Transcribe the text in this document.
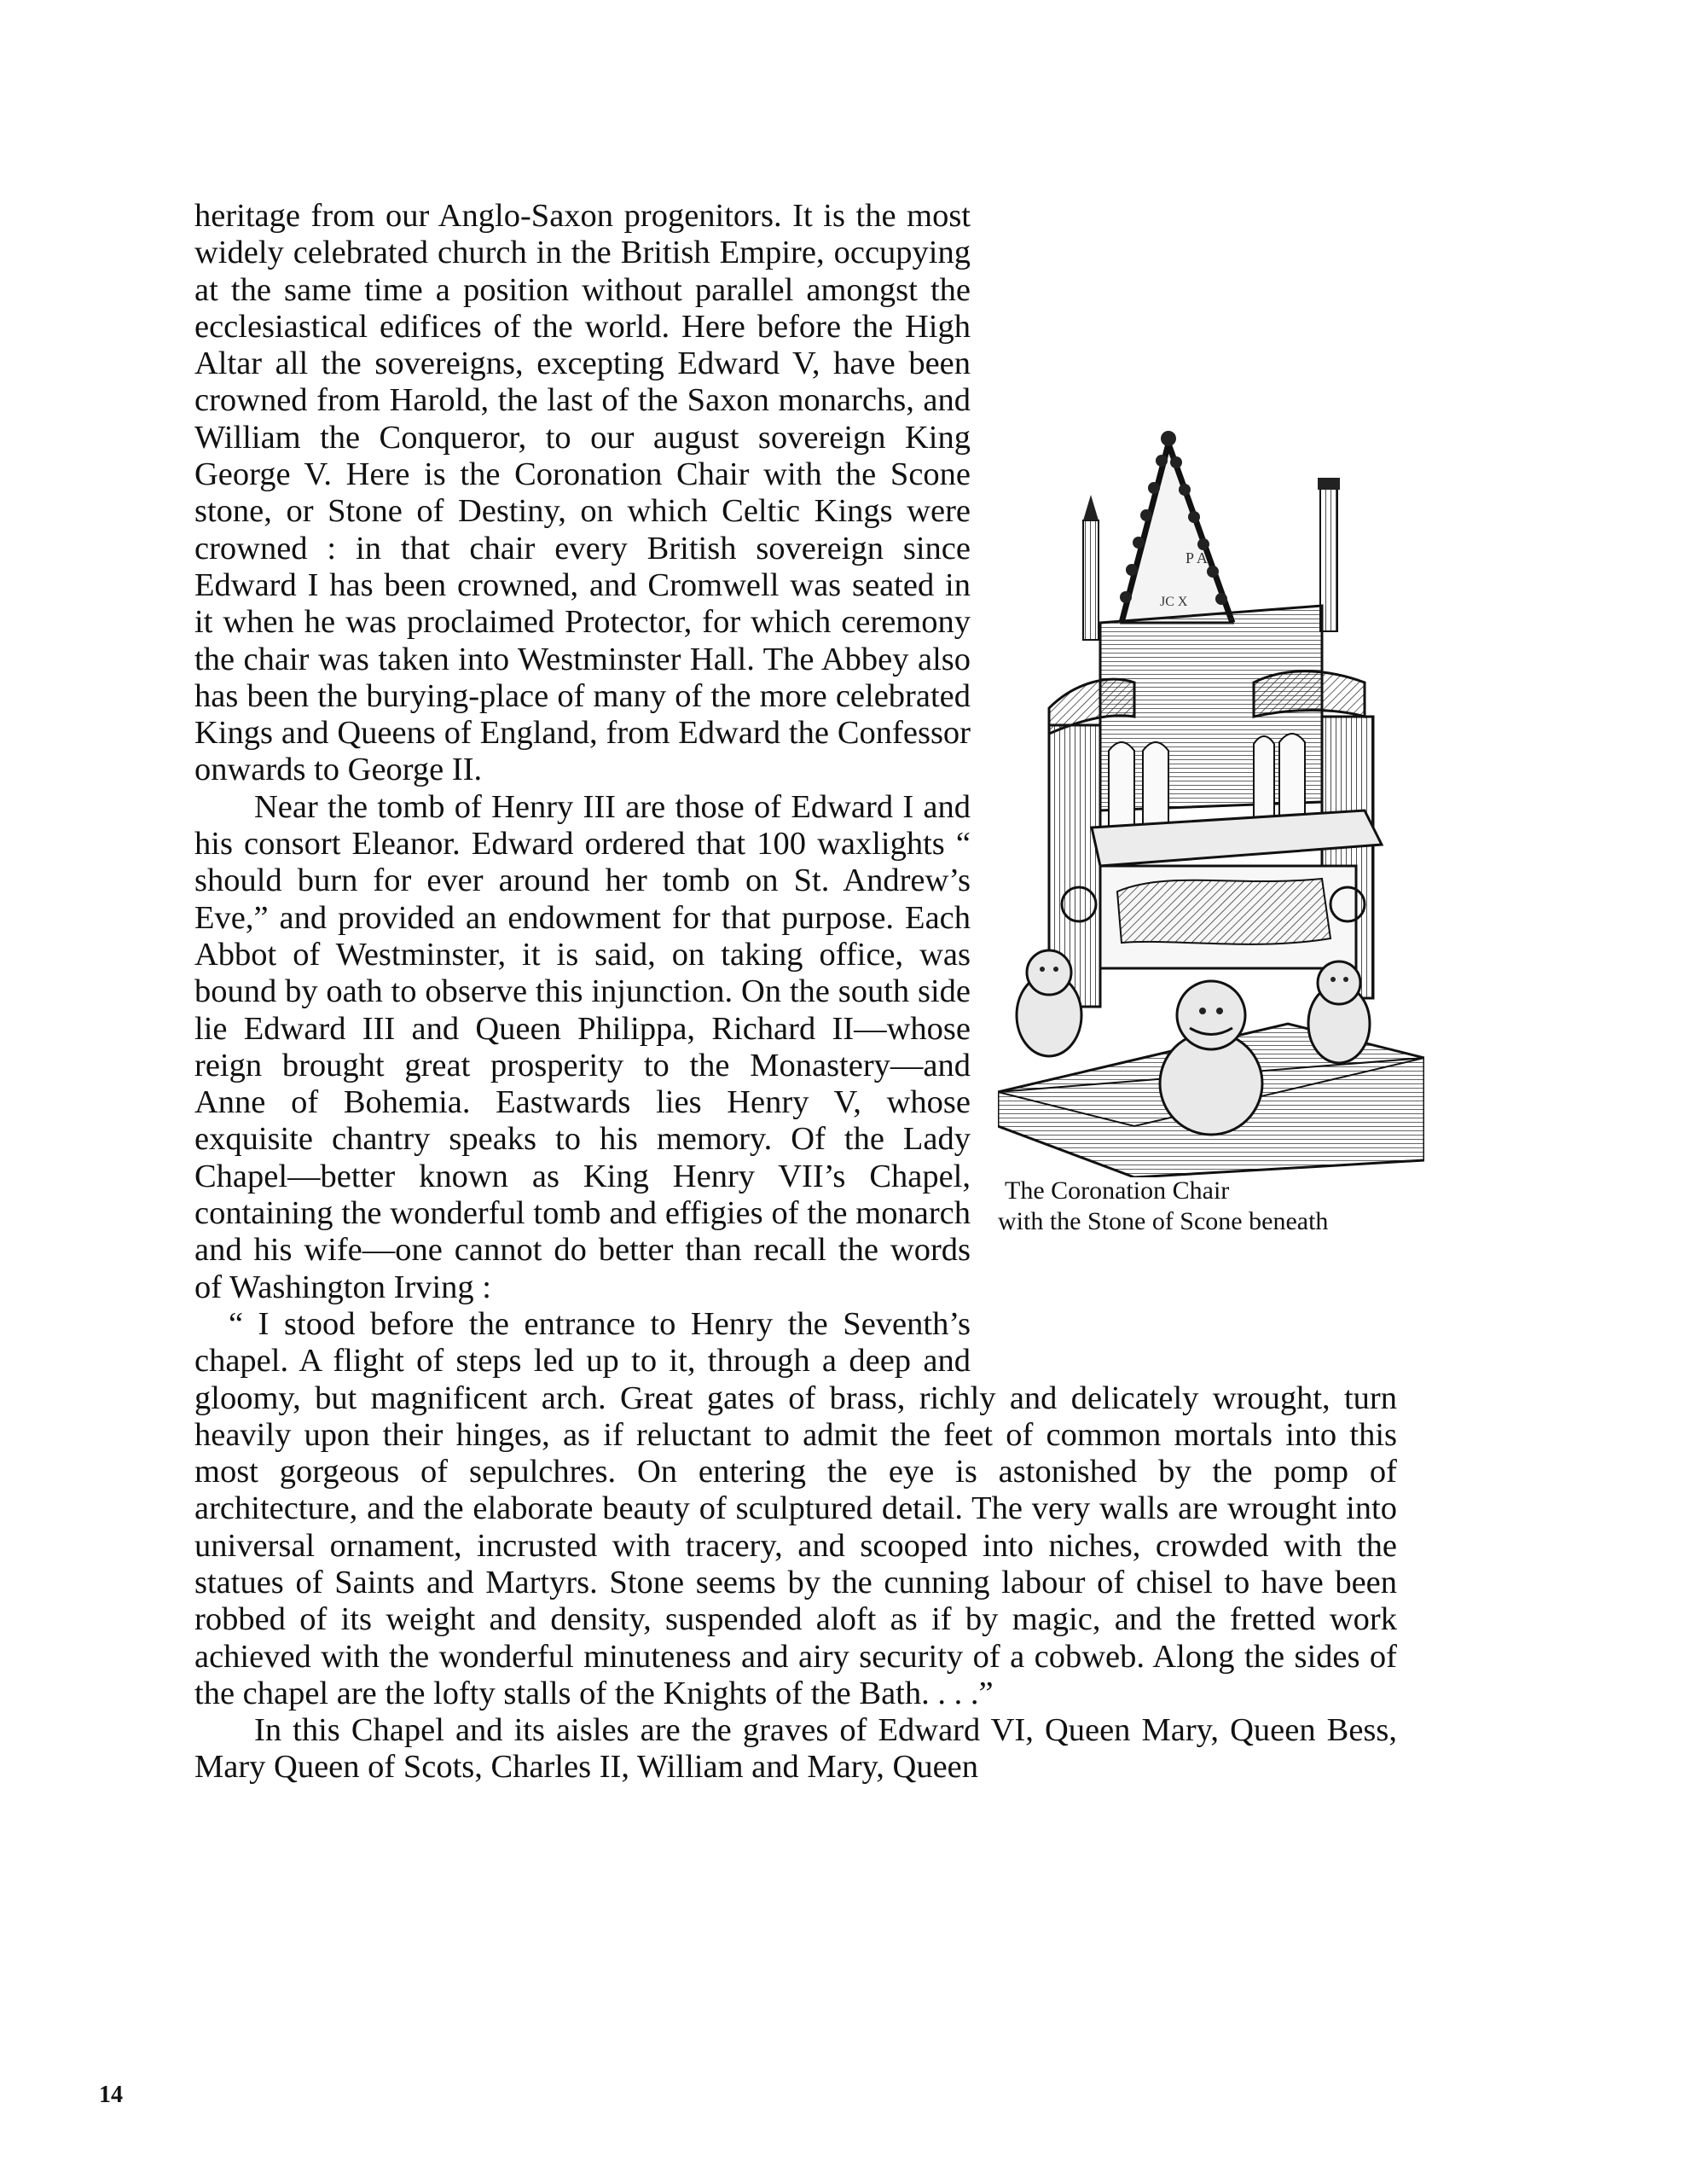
P A
JC X
The Coronation Chair
with the Stone of Scone beneath

heritage from our Anglo-Saxon progenitors. It is the most widely celebrated church in the British Empire, occupying at the same time a position without parallel amongst the ecclesiastical edifices of the world. Here before the High Altar all the sovereigns, excepting Edward V, have been crowned from Harold, the last of the Saxon monarchs, and William the Conqueror, to our august sovereign King George V. Here is the Coronation Chair with the Scone stone, or Stone of Destiny, on which Celtic Kings were crowned : in that chair every British sovereign since Edward I has been crowned, and Cromwell was seated in it when he was proclaimed Protector, for which ceremony the chair was taken into Westminster Hall. The Abbey also has been the burying-place of many of the more celebrated Kings and Queens of England, from Edward the Confessor onwards to George II.

Near the tomb of Henry III are those of Edward I and his consort Eleanor. Edward ordered that 100 waxlights “ should burn for ever around her tomb on St. Andrew’s Eve,” and provided an endowment for that purpose. Each Abbot of Westminster, it is said, on taking office, was bound by oath to observe this injunction. On the south side lie Edward III and Queen Philippa, Richard II—whose reign brought great prosperity to the Monastery—and Anne of Bohemia. Eastwards lies Henry V, whose exquisite chantry speaks to his memory. Of the Lady Chapel—better known as King Henry VII’s Chapel, containing the wonderful tomb and effigies of the monarch and his wife—one cannot do better than recall the words of Washington Irving :

“ I stood before the entrance to Henry the Seventh’s chapel. A flight of steps led up to it, through a deep and gloomy, but magnificent arch. Great gates of brass, richly and delicately wrought, turn heavily upon their hinges, as if reluctant to admit the feet of common mortals into this most gorgeous of sepulchres. On entering the eye is astonished by the pomp of architecture, and the elaborate beauty of sculptured detail. The very walls are wrought into universal ornament, incrusted with tracery, and scooped into niches, crowded with the statues of Saints and Martyrs. Stone seems by the cunning labour of chisel to have been robbed of its weight and density, suspended aloft as if by magic, and the fretted work achieved with the wonderful minuteness and airy security of a cobweb. Along the sides of the chapel are the lofty stalls of the Knights of the Bath. . . .”

In this Chapel and its aisles are the graves of Edward VI, Queen Mary, Queen Bess, Mary Queen of Scots, Charles II, William and Mary, Queen

14
